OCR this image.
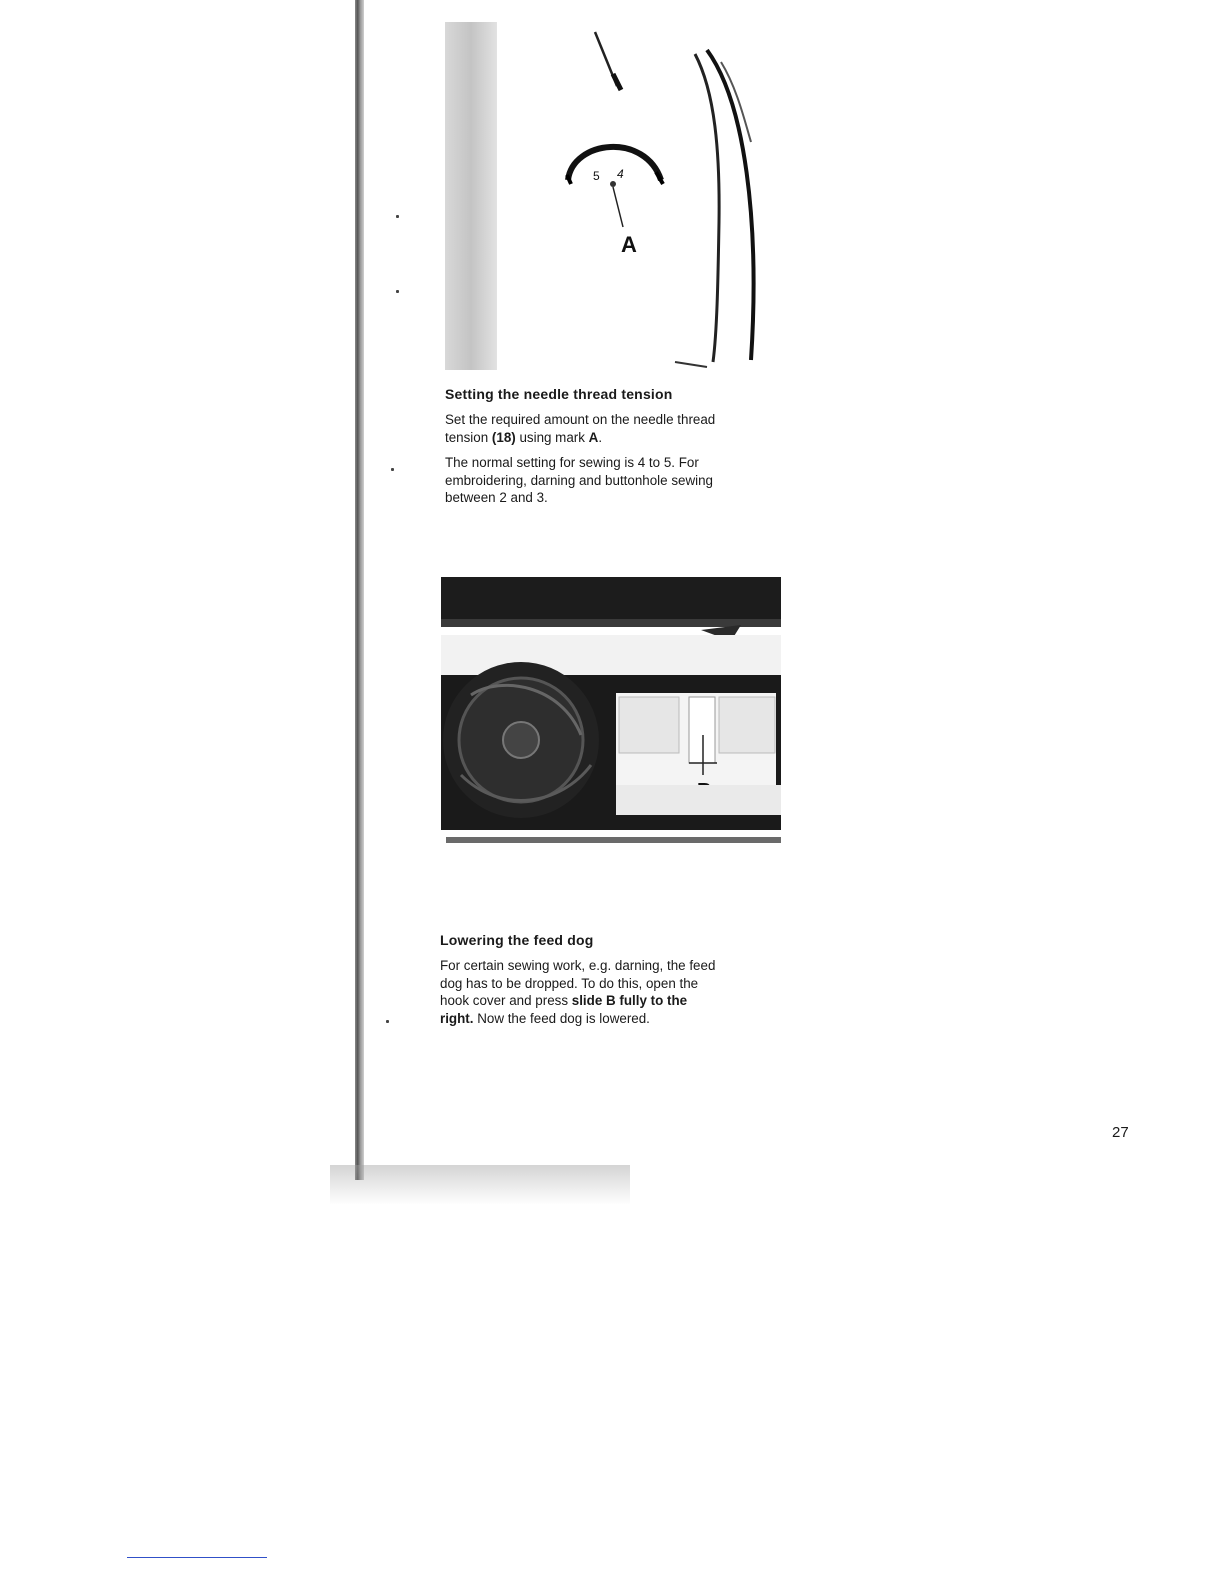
5 4
A
Setting the needle thread tension

Set the required amount on the needle thread
tension (18) using mark A.

The normal setting for sewing is 4 to 5. For
embroidering, darning and buttonhole sewing
between 2 and 3.

Lowering the feed dog

For certain sewing work, e.g. darning, the feed
dog has to be dropped. To do this, open the
hook cover and press slide B fully to the
right. Now the feed dog is lowered.

27
